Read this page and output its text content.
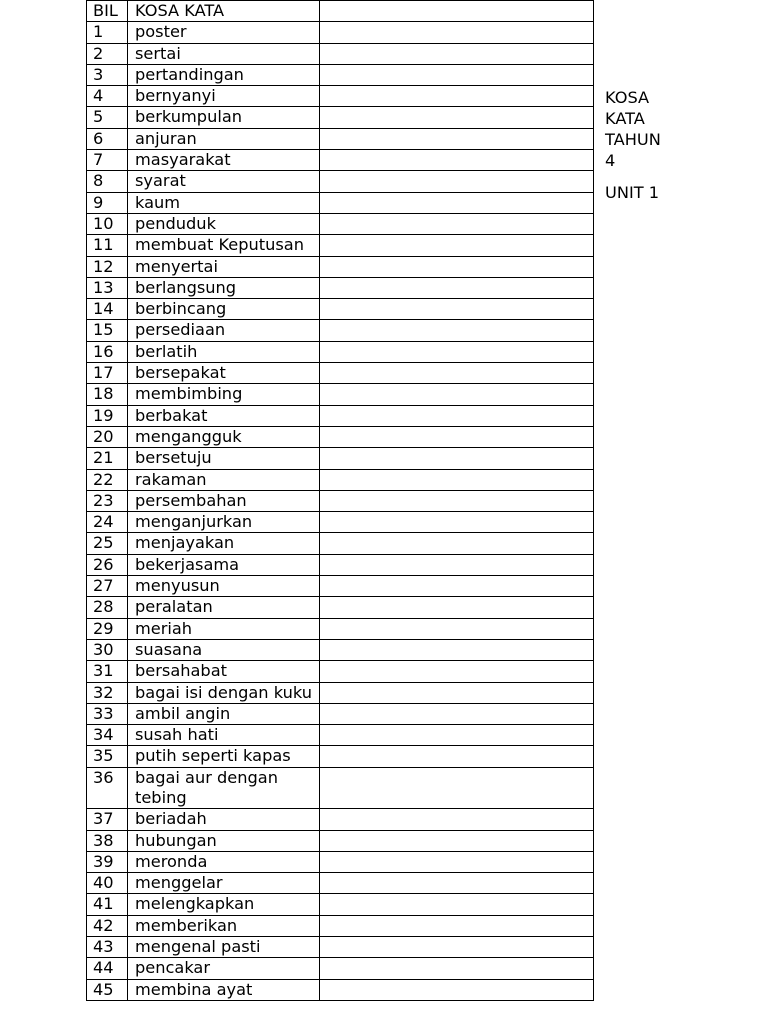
BIL	KOSA KATA	
1	poster	
2	sertai	
3	pertandingan	
4	bernyanyi	
5	berkumpulan	
6	anjuran	
7	masyarakat	
8	syarat	
9	kaum	
10	penduduk	
11	membuat Keputusan	
12	menyertai	
13	berlangsung	
14	berbincang	
15	persediaan	
16	berlatih	
17	bersepakat	
18	membimbing	
19	berbakat	
20	mengangguk	
21	bersetuju	
22	rakaman	
23	persembahan	
24	menganjurkan	
25	menjayakan	
26	bekerjasama	
27	menyusun	
28	peralatan	
29	meriah	
30	suasana	
31	bersahabat	
32	bagai isi dengan kuku	
33	ambil angin	
34	susah hati	
35	putih seperti kapas	
36	bagai aur dengan tebing	
37	beriadah	
38	hubungan	
39	meronda	
40	menggelar	
41	melengkapkan	
42	memberikan	
43	mengenal pasti	
44	pencakar	
45	membina ayat	
KOSA KATA TAHUN 4
UNIT 1
